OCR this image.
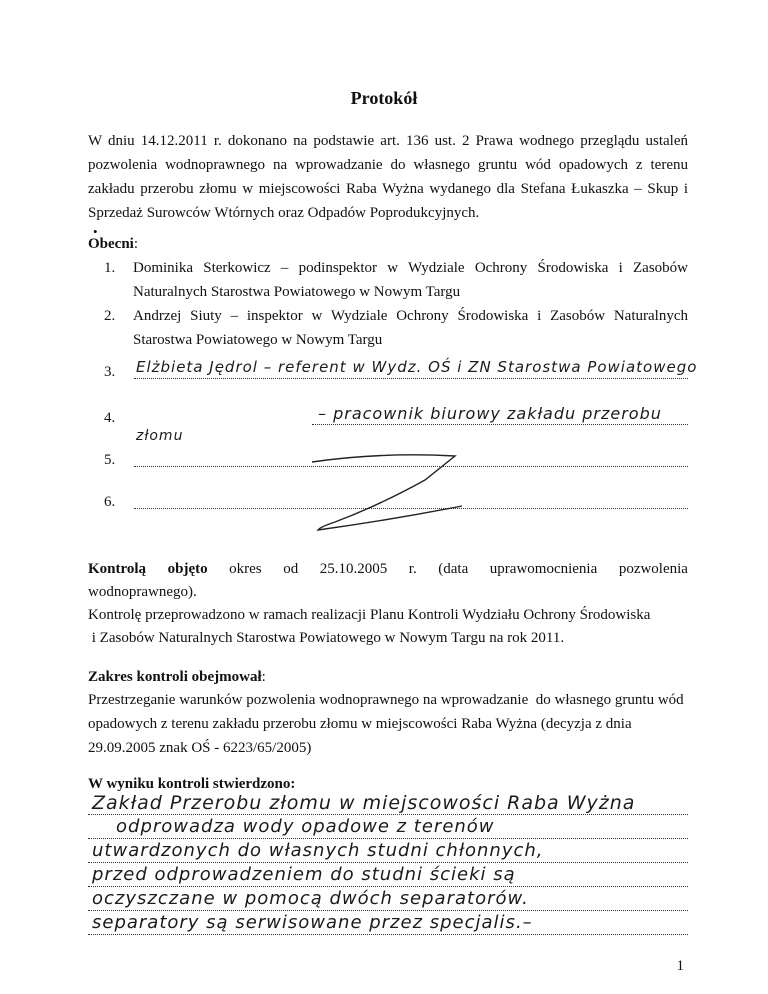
Protokół
W dniu 14.12.2011 r. dokonano na podstawie art. 136 ust. 2 Prawa wodnego przeglądu ustaleń pozwolenia wodnoprawnego na wprowadzanie do własnego gruntu wód opadowych z terenu zakładu przerobu złomu w miejscowości Raba Wyżna wydanego dla Stefana Łukaszka – Skup i Sprzedaż Surowców Wtórnych oraz Odpadów Poprodukcyjnych.
•
Obecni:
1. Dominika Sterkowicz – podinspektor w Wydziale Ochrony Środowiska i Zasobów Naturalnych Starostwa Powiatowego w Nowym Targu
2. Andrzej Siuty – inspektor w Wydziale Ochrony Środowiska i Zasobów Naturalnych Starostwa Powiatowego w Nowym Targu
3. Elżbieta Jędrol – referent w Wydz. OŚ i ZN Starostwa Powiatowego
4.
złomu
– pracownik biurowy zakładu przerobu
5.
6.
Kontrolą objęto okres od 25.10.2005 r. (data uprawomocnienia pozwolenia
wodnoprawnego).
Kontrolę przeprowadzono w ramach realizacji Planu Kontroli Wydziału Ochrony Środowiska
i Zasobów Naturalnych Starostwa Powiatowego w Nowym Targu na rok 2011.
Zakres kontroli obejmował:
Przestrzeganie warunków pozwolenia wodnoprawnego na wprowadzanie  do własnego gruntu wód opadowych z terenu zakładu przerobu złomu w miejscowości Raba Wyżna (decyzja z dnia 29.09.2005 znak OŚ - 6223/65/2005)
W wyniku kontroli stwierdzono:
Zakład Przerobu złomu w miejscowości Raba Wyżna
odprowadza wody opadowe z terenów
utwardzonych do własnych studni chłonnych,
przed odprowadzeniem do studni ścieki są
oczyszczane w pomocą dwóch separatorów.
separatory są serwisowane przez specjalis.–
1
